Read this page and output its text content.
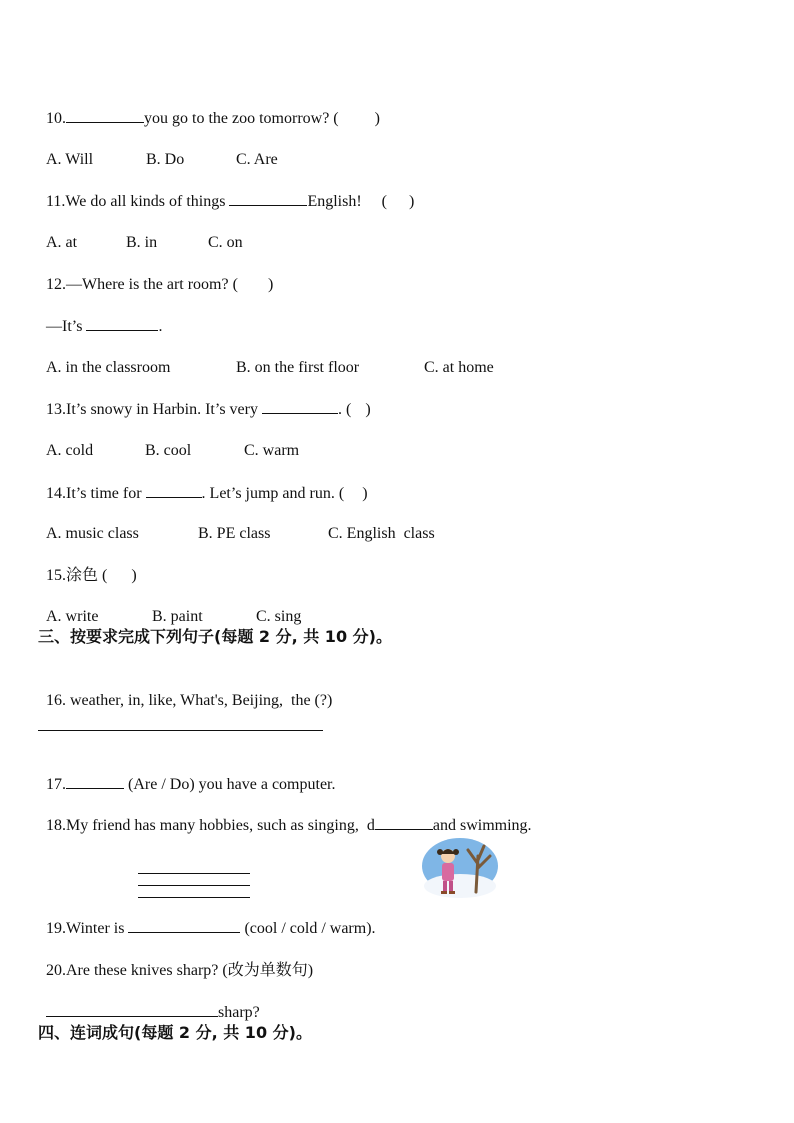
10.	you go to the zoo tomorrow? ( )

A. Will	B. Do	C. Are

11.We do all kinds of things	English! ( )

A. at	B. in	C. on

12.—Where is the art room? ( )

—It’s	.

A. in the classroom	B. on the first floor	C. at home

13.It’s snowy in Harbin. It’s very	. ( )

A. cold	B. cool	C. warm

14.It’s time for	. Let’s jump and run. ( )

A. music class	B. PE class	C. English  class

15.涂色 ( )

A. write	B. paint	C. sing

三、按要求完成下列句子(每题 2 分, 共 10 分)。

16. weather, in, like, What's, Beijing,  the (?)

17.	(Are / Do) you have a computer.

18.My friend has many hobbies, such as singing,  d	and swimming.

19.Winter is	(cool / cold / warm).

20.Are these knives sharp? (改为单数句)

sharp?

四、连词成句(每题 2 分, 共 10 分)。
